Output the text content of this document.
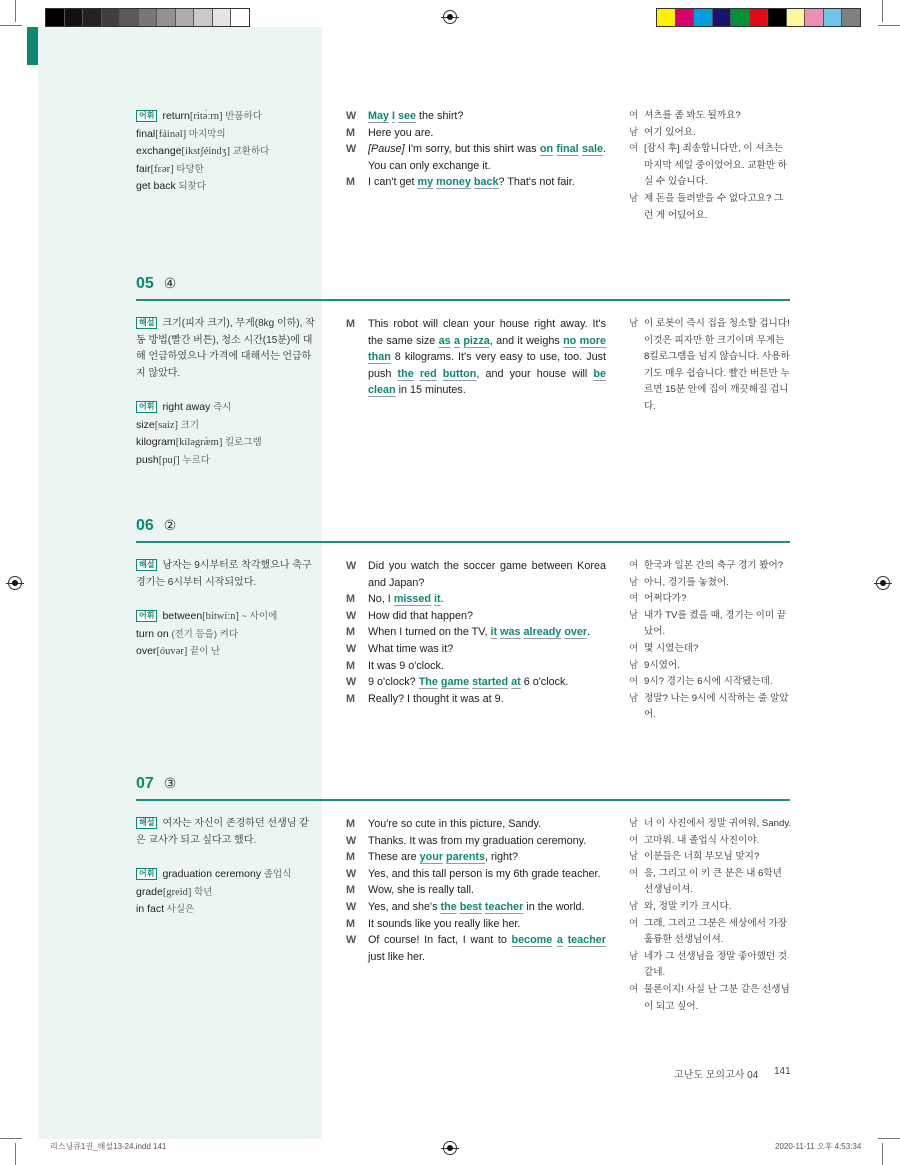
어휘 return[ritə́ːrn] 반품하다
final[fáinəl] 마지막의
exchange[ikstʃéindʒ] 교환하다
fair[fɛər] 타당한
get back 되찾다
W	May I see the shirt?
M	Here you are.
W	[Pause] I'm sorry, but this shirt was on final sale. You can only exchange it.
M	I can't get my money back? That's not fair.
여 셔츠를 좀 봐도 될까요?
남 여기 있어요.
여 [잠시 후] 죄송합니다만, 이 셔츠는 마지막 세일 중이었어요. 교환만 하실 수 있습니다.
남 제 돈을 돌려받을 수 없다고요? 그런 게 어딨어요.
05 ④
해설 크기(피자 크기), 무게(8kg 이하), 작동 방법(빨간 버튼), 청소 시간(15분)에 대해 언급하였으나 가격에 대해서는 언급하지 않았다.
어휘 right away 즉시
size[saiz] 크기
kilogram[kíləgræ̀m] 킬로그램
push[puʃ] 누르다
M	This robot will clean your house right away. It's the same size as a pizza, and it weighs no more than 8 kilograms. It's very easy to use, too. Just push the red button, and your house will be clean in 15 minutes.
남 이 로봇이 즉시 집을 청소할 겁니다! 이것은 피자만 한 크기이며 무게는 8킬로그램을 넘지 않습니다. 사용하기도 매우 쉽습니다. 빨간 버튼만 누르면 15분 안에 집이 깨끗해질 겁니다.
06 ②
해설 남자는 9시부터로 착각했으나 축구 경기는 6시부터 시작되었다.
어휘 between[bitwíːn] ~ 사이에
turn on (전기 등을) 켜다
over[óuvər] 끝이 난
W	Did you watch the soccer game between Korea and Japan?
M	No, I missed it.
W	How did that happen?
M	When I turned on the TV, it was already over.
W	What time was it?
M	It was 9 o'clock.
W	9 o'clock? The game started at 6 o'clock.
M	Really? I thought it was at 9.
여 한국과 일본 간의 축구 경기 봤어?
남 아니, 경기를 놓쳤어.
여 어쩌다가?
남 내가 TV를 켰을 때, 경기는 이미 끝났어.
여 몇 시였는데?
남 9시였어.
여 9시? 경기는 6시에 시작됐는데.
남 정말? 나는 9시에 시작하는 줄 알았어.
07 ③
해설 여자는 자신이 존경하던 선생님 같은 교사가 되고 싶다고 했다.
어휘 graduation ceremony 졸업식
grade[greid] 학년
in fact 사실은
M	You're so cute in this picture, Sandy.
W	Thanks. It was from my graduation ceremony.
M	These are your parents, right?
W	Yes, and this tall person is my 6th grade teacher.
M	Wow, she is really tall.
W	Yes, and she's the best teacher in the world.
M	It sounds like you really like her.
W	Of course! In fact, I want to become a teacher just like her.
남 너 이 사진에서 정말 귀여워, Sandy.
여 고마워. 내 졸업식 사진이야.
남 이분들은 너희 부모님 맞지?
여 응, 그리고 이 키 큰 분은 내 6학년 선생님이셔.
남 와, 정말 키가 크시다.
여 그래, 그리고 그분은 세상에서 가장 훌륭한 선생님이셔.
남 네가 그 선생님을 정말 좋아했던 것 같네.
여 물론이지! 사실 난 그분 같은 선생님이 되고 싶어.
고난도 모의고사 04 141
리스닝큐1권_해설13-24.indd 141	2020-11-11 오후 4:53:34
